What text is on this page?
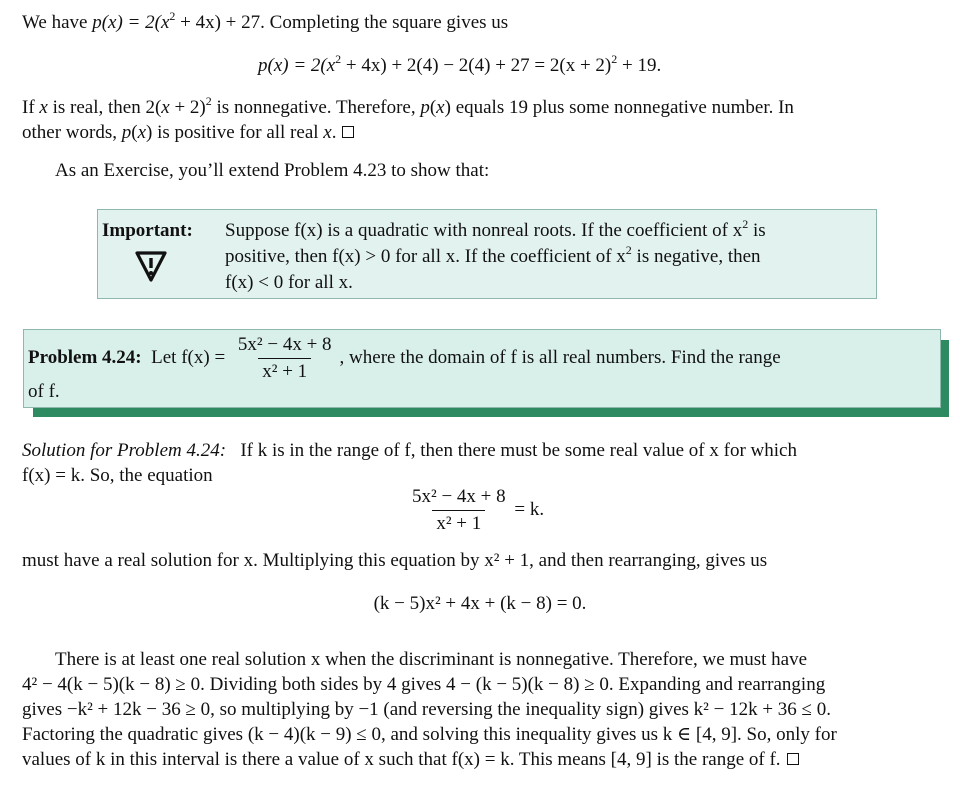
We have $p(x) = 2(x^2 + 4x) + 27$. Completing the square gives us
$p(x) = 2(x^2 + 4x) + 2(4) - 2(4) + 27 = 2(x + 2)^2 + 19$.
If x is real, then $2(x + 2)^2$ is nonnegative. Therefore, p(x) equals 19 plus some nonnegative number. In
other words, p(x) is positive for all real x.
As an Exercise, you’ll extend Problem 4.23 to show that:
Important: Suppose f(x) is a quadratic with nonreal roots. If the coefficient of $x^2$ is
positive, then f(x) > 0 for all x. If the coefficient of $x^2$ is negative, then
f(x) < 0 for all x.
Problem 4.24: Let $f(x) = \frac{\text{5x² − 4x + 8}}{\text{x² + 1}}$ , where the domain of f is all real numbers. Find the range
of f.
Solution for Problem 4.24: If k is in the range of f, then there must be some real value of x for which
f(x) = k. So, the equation
$\frac{\text{5x² − 4x + 8}}{\text{x² + 1}} = k$.
must have a real solution for x. Multiplying this equation by x² + 1, and then rearranging, gives us
(k − 5)x² + 4x + (k − 8) = 0.
There is at least one real solution x when the discriminant is nonnegative. Therefore, we must have
4² − 4(k − 5)(k − 8) ≥ 0. Dividing both sides by 4 gives 4 − (k − 5)(k − 8) ≥ 0. Expanding and rearranging
gives −k² + 12k − 36 ≥ 0, so multiplying by −1 (and reversing the inequality sign) gives k² − 12k + 36 ≤ 0.
Factoring the quadratic gives (k − 4)(k − 9) ≤ 0, and solving this inequality gives us k ∈ [4, 9]. So, only for
values of k in this interval is there a value of x such that f(x) = k. This means [4, 9] is the range of f.
